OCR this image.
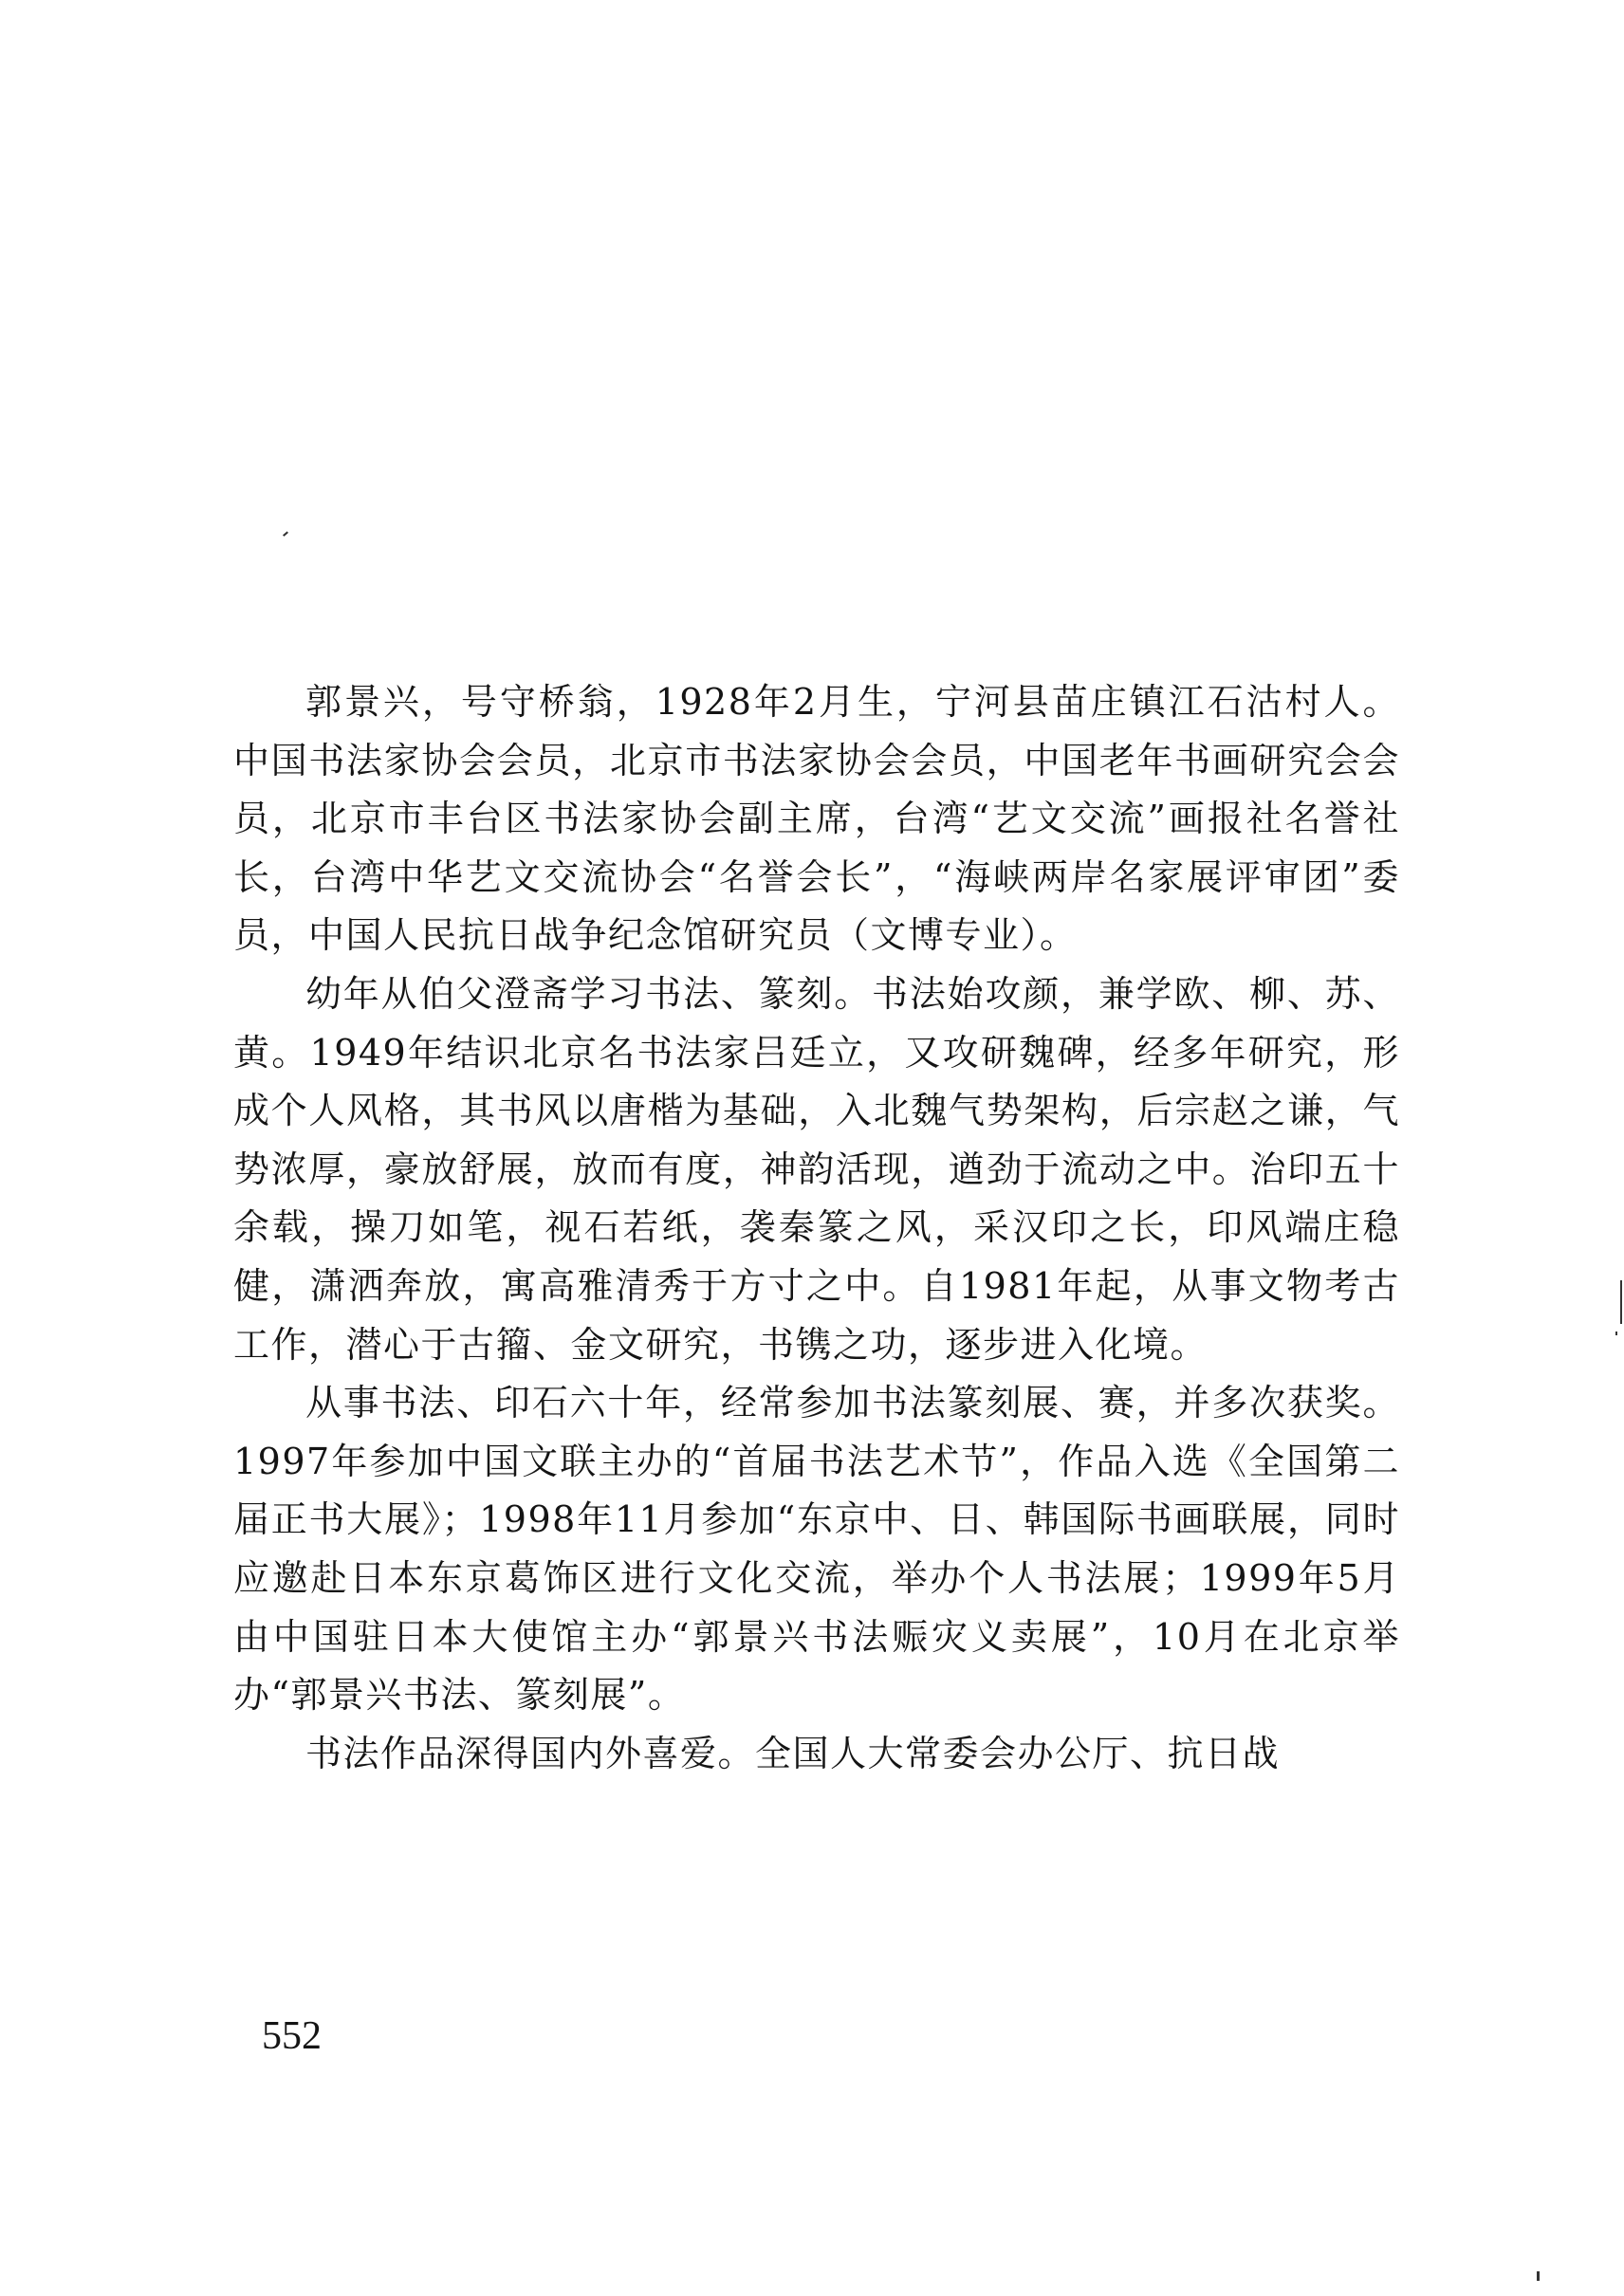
郭景兴，号守桥翁，1928年2月生，宁河县苗庄镇江石沽村人。中国书法家协会会员，北京市书法家协会会员，中国老年书画研究会会员，北京市丰台区书法家协会副主席，台湾“艺文交流”画报社名誉社长，台湾中华艺文交流协会“名誉会长”，“海峡两岸名家展评审团”委员，中国人民抗日战争纪念馆研究员（文博专业）。

幼年从伯父澄斋学习书法、篆刻。书法始攻颜，兼学欧、柳、苏、黄。1949年结识北京名书法家吕廷立，又攻研魏碑，经多年研究，形成个人风格，其书风以唐楷为基础，入北魏气势架构，后宗赵之谦，气势浓厚，豪放舒展，放而有度，神韵活现，遒劲于流动之中。治印五十余载，操刀如笔，视石若纸，袭秦篆之风，采汉印之长，印风端庄稳健，潇洒奔放，寓高雅清秀于方寸之中。自1981年起，从事文物考古工作，潜心于古籀、金文研究，书镌之功，逐步进入化境。

从事书法、印石六十年，经常参加书法篆刻展、赛，并多次获奖。1997年参加中国文联主办的“首届书法艺术节”，作品入选《全国第二届正书大展》；1998年11月参加“东京中、日、韩国际书画联展，同时应邀赴日本东京葛饰区进行文化交流，举办个人书法展；1999年5月由中国驻日本大使馆主办“郭景兴书法赈灾义卖展”，10月在北京举办“郭景兴书法、篆刻展”。

书法作品深得国内外喜爱。全国人大常委会办公厅、抗日战

552
